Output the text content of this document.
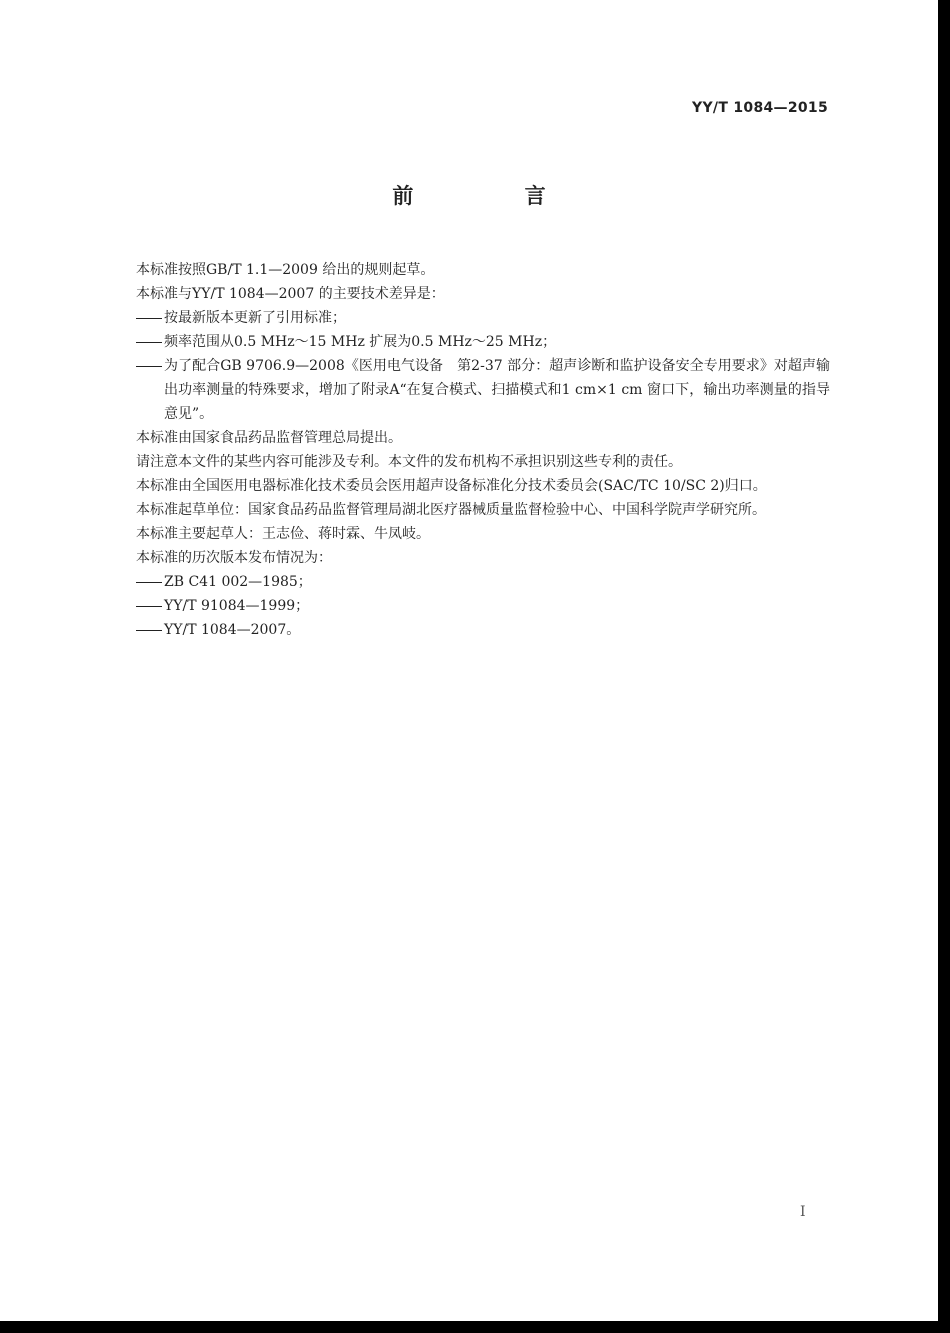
YY/T 1084—2015
前 言

本标准按照GB/T 1.1—2009 给出的规则起草。

本标准与YY/T 1084—2007 的主要技术差异是：

按最新版本更新了引用标准；

频率范围从0.5 MHz～15 MHz 扩展为0.5 MHz～25 MHz；

为了配合GB 9706.9—2008《医用电气设备　第2-37 部分：超声诊断和监护设备安全专用要求》对超声输出功率测量的特殊要求，增加了附录A“在复合模式、扫描模式和1 cm×1 cm 窗口下，输出功率测量的指导意见”。

本标准由国家食品药品监督管理总局提出。

请注意本文件的某些内容可能涉及专利。本文件的发布机构不承担识别这些专利的责任。

本标准由全国医用电器标准化技术委员会医用超声设备标准化分技术委员会(SAC/TC 10/SC 2)归口。

本标准起草单位：国家食品药品监督管理局湖北医疗器械质量监督检验中心、中国科学院声学研究所。

本标准主要起草人：王志俭、蒋时霖、牛凤岐。

本标准的历次版本发布情况为：

ZB C41 002—1985；

YY/T 91084—1999；

YY/T 1084—2007。

I
